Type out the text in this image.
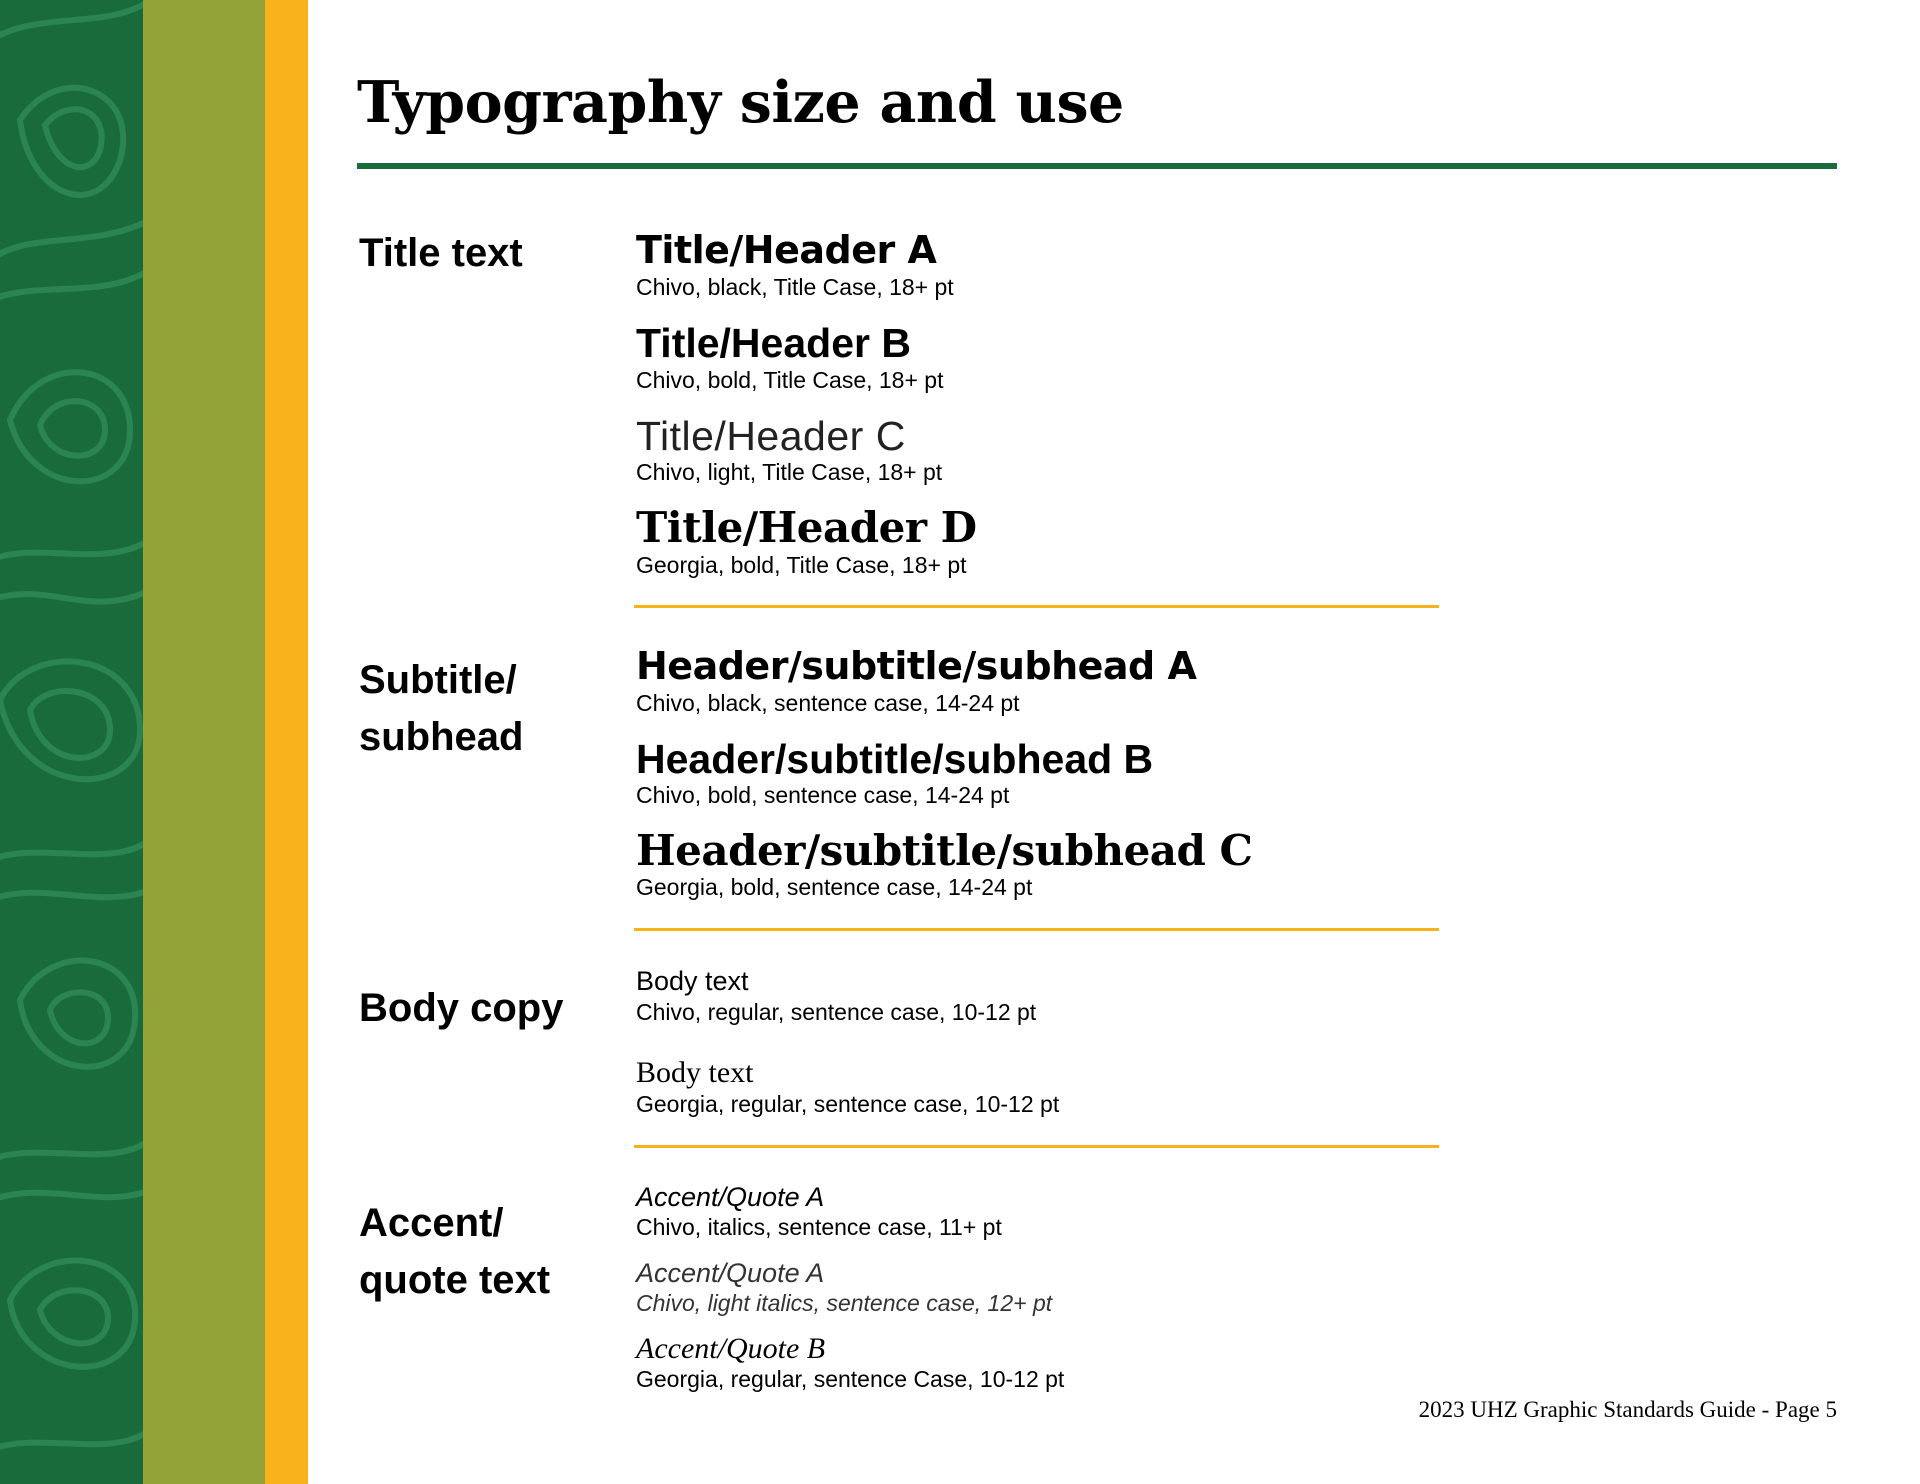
Typography size and use

Title text	Title/Header A

Chivo, black, Title Case, 18+ pt

Title/Header B

Chivo, bold, Title Case, 18+ pt

Title/Header C

Chivo, light, Title Case, 18+ pt

Title/Header D

Georgia, bold, Title Case, 18+ pt

Subtitle/
subhead

Header/subtitle/subhead A

Chivo, black, sentence case, 14-24 pt

Header/subtitle/subhead B

Chivo, bold, sentence case, 14-24 pt

Header/subtitle/subhead C

Georgia, bold, sentence case, 14-24 pt

Body copy

Body text

Chivo, regular, sentence case, 10-12 pt

Body text

Georgia, regular, sentence case, 10-12 pt

Accent/
quote text

Accent/Quote A

Chivo, italics, sentence case, 11+ pt

Accent/Quote A

Chivo, light italics, sentence case, 12+ pt

Accent/Quote B

Georgia, regular, sentence Case, 10-12 pt

2023 UHZ Graphic Standards Guide - Page 5
